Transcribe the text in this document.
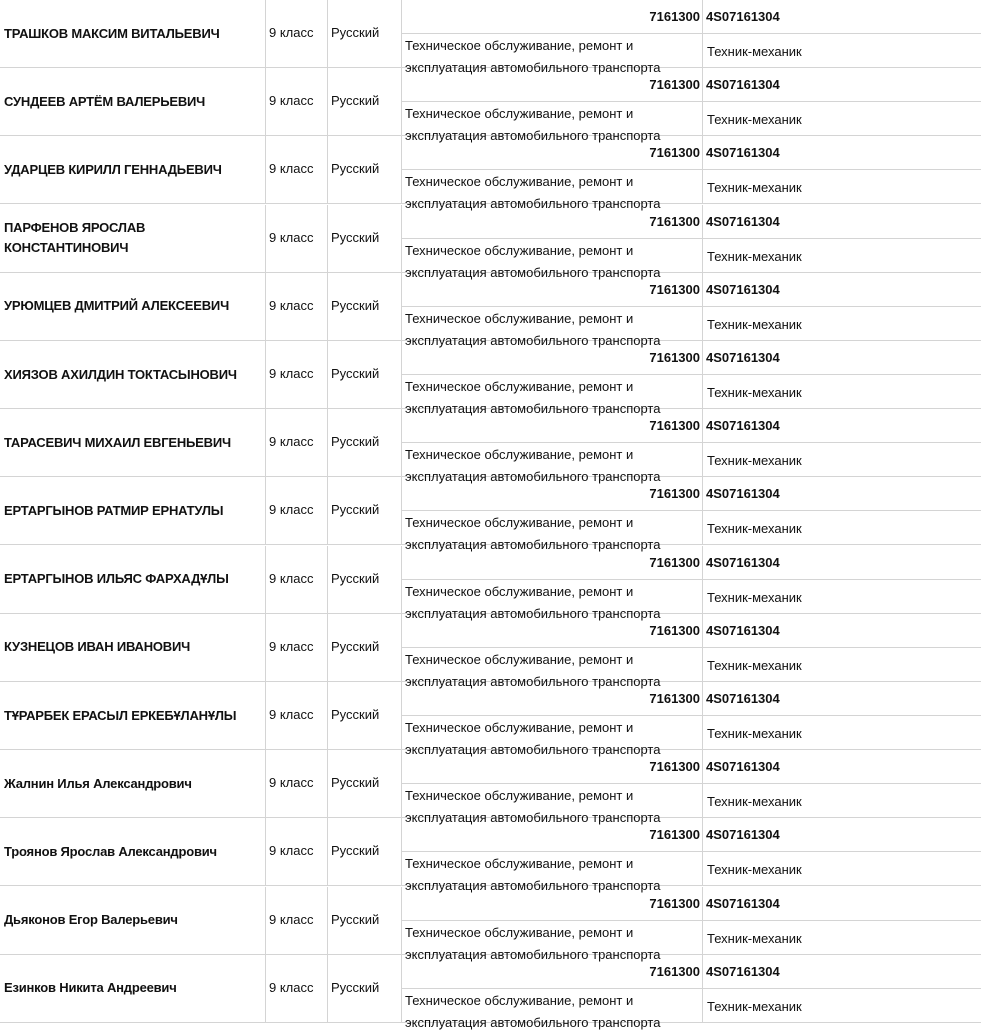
ТРАШКОВ МАКСИМ ВИТАЛЬЕВИЧ	9 класс	Русский
7161300
Техническое обслуживание, ремонт и эксплуатация автомобильного транспорта
4S07161304
Техник-механик
СУНДЕЕВ АРТЁМ ВАЛЕРЬЕВИЧ	9 класс	Русский
7161300
Техническое обслуживание, ремонт и эксплуатация автомобильного транспорта
4S07161304
Техник-механик
УДАРЦЕВ КИРИЛЛ ГЕННАДЬЕВИЧ	9 класс	Русский
7161300
Техническое обслуживание, ремонт и эксплуатация автомобильного транспорта
4S07161304
Техник-механик
ПАРФЕНОВ ЯРОСЛАВ КОНСТАНТИНОВИЧ
9 класс	Русский
7161300
Техническое обслуживание, ремонт и эксплуатация автомобильного транспорта
4S07161304
Техник-механик
УРЮМЦЕВ ДМИТРИЙ АЛЕКСЕЕВИЧ	9 класс	Русский
7161300
Техническое обслуживание, ремонт и эксплуатация автомобильного транспорта
4S07161304
Техник-механик
ХИЯЗОВ АХИЛДИН ТОКТАСЫНОВИЧ 9 класс	Русский
7161300
Техническое обслуживание, ремонт и эксплуатация автомобильного транспорта
4S07161304
Техник-механик
ТАРАСЕВИЧ МИХАИЛ ЕВГЕНЬЕВИЧ	9 класс	Русский
7161300
Техническое обслуживание, ремонт и эксплуатация автомобильного транспорта
4S07161304
Техник-механик
ЕРТАРГЫНОВ РАТМИР ЕРНАТУЛЫ	9 класс	Русский
7161300
Техническое обслуживание, ремонт и эксплуатация автомобильного транспорта
4S07161304
Техник-механик
ЕРТАРГЫНОВ ИЛЬЯС ФАРХАДҰЛЫ	9 класс	Русский
7161300
Техническое обслуживание, ремонт и эксплуатация автомобильного транспорта
4S07161304
Техник-механик
КУЗНЕЦОВ ИВАН ИВАНОВИЧ	9 класс	Русский
7161300
Техническое обслуживание, ремонт и эксплуатация автомобильного транспорта
4S07161304
Техник-механик
ТҰРАРБЕК ЕРАСЫЛ ЕРКЕБҰЛАНҰЛЫ	9 класс	Русский
7161300
Техническое обслуживание, ремонт и эксплуатация автомобильного транспорта
4S07161304
Техник-механик
Жалнин Илья Александрович	9 класс	Русский
7161300
Техническое обслуживание, ремонт и эксплуатация автомобильного транспорта
4S07161304
Техник-механик
Троянов Ярослав Александрович	9 класс	Русский
7161300
Техническое обслуживание, ремонт и эксплуатация автомобильного транспорта
4S07161304
Техник-механик
Дьяконов Егор Валерьевич	9 класс	Русский
7161300
Техническое обслуживание, ремонт и эксплуатация автомобильного транспорта
4S07161304
Техник-механик
Езинков Никита Андреевич	9 класс	Русский
7161300
Техническое обслуживание, ремонт и эксплуатация автомобильного транспорта
4S07161304
Техник-механик
